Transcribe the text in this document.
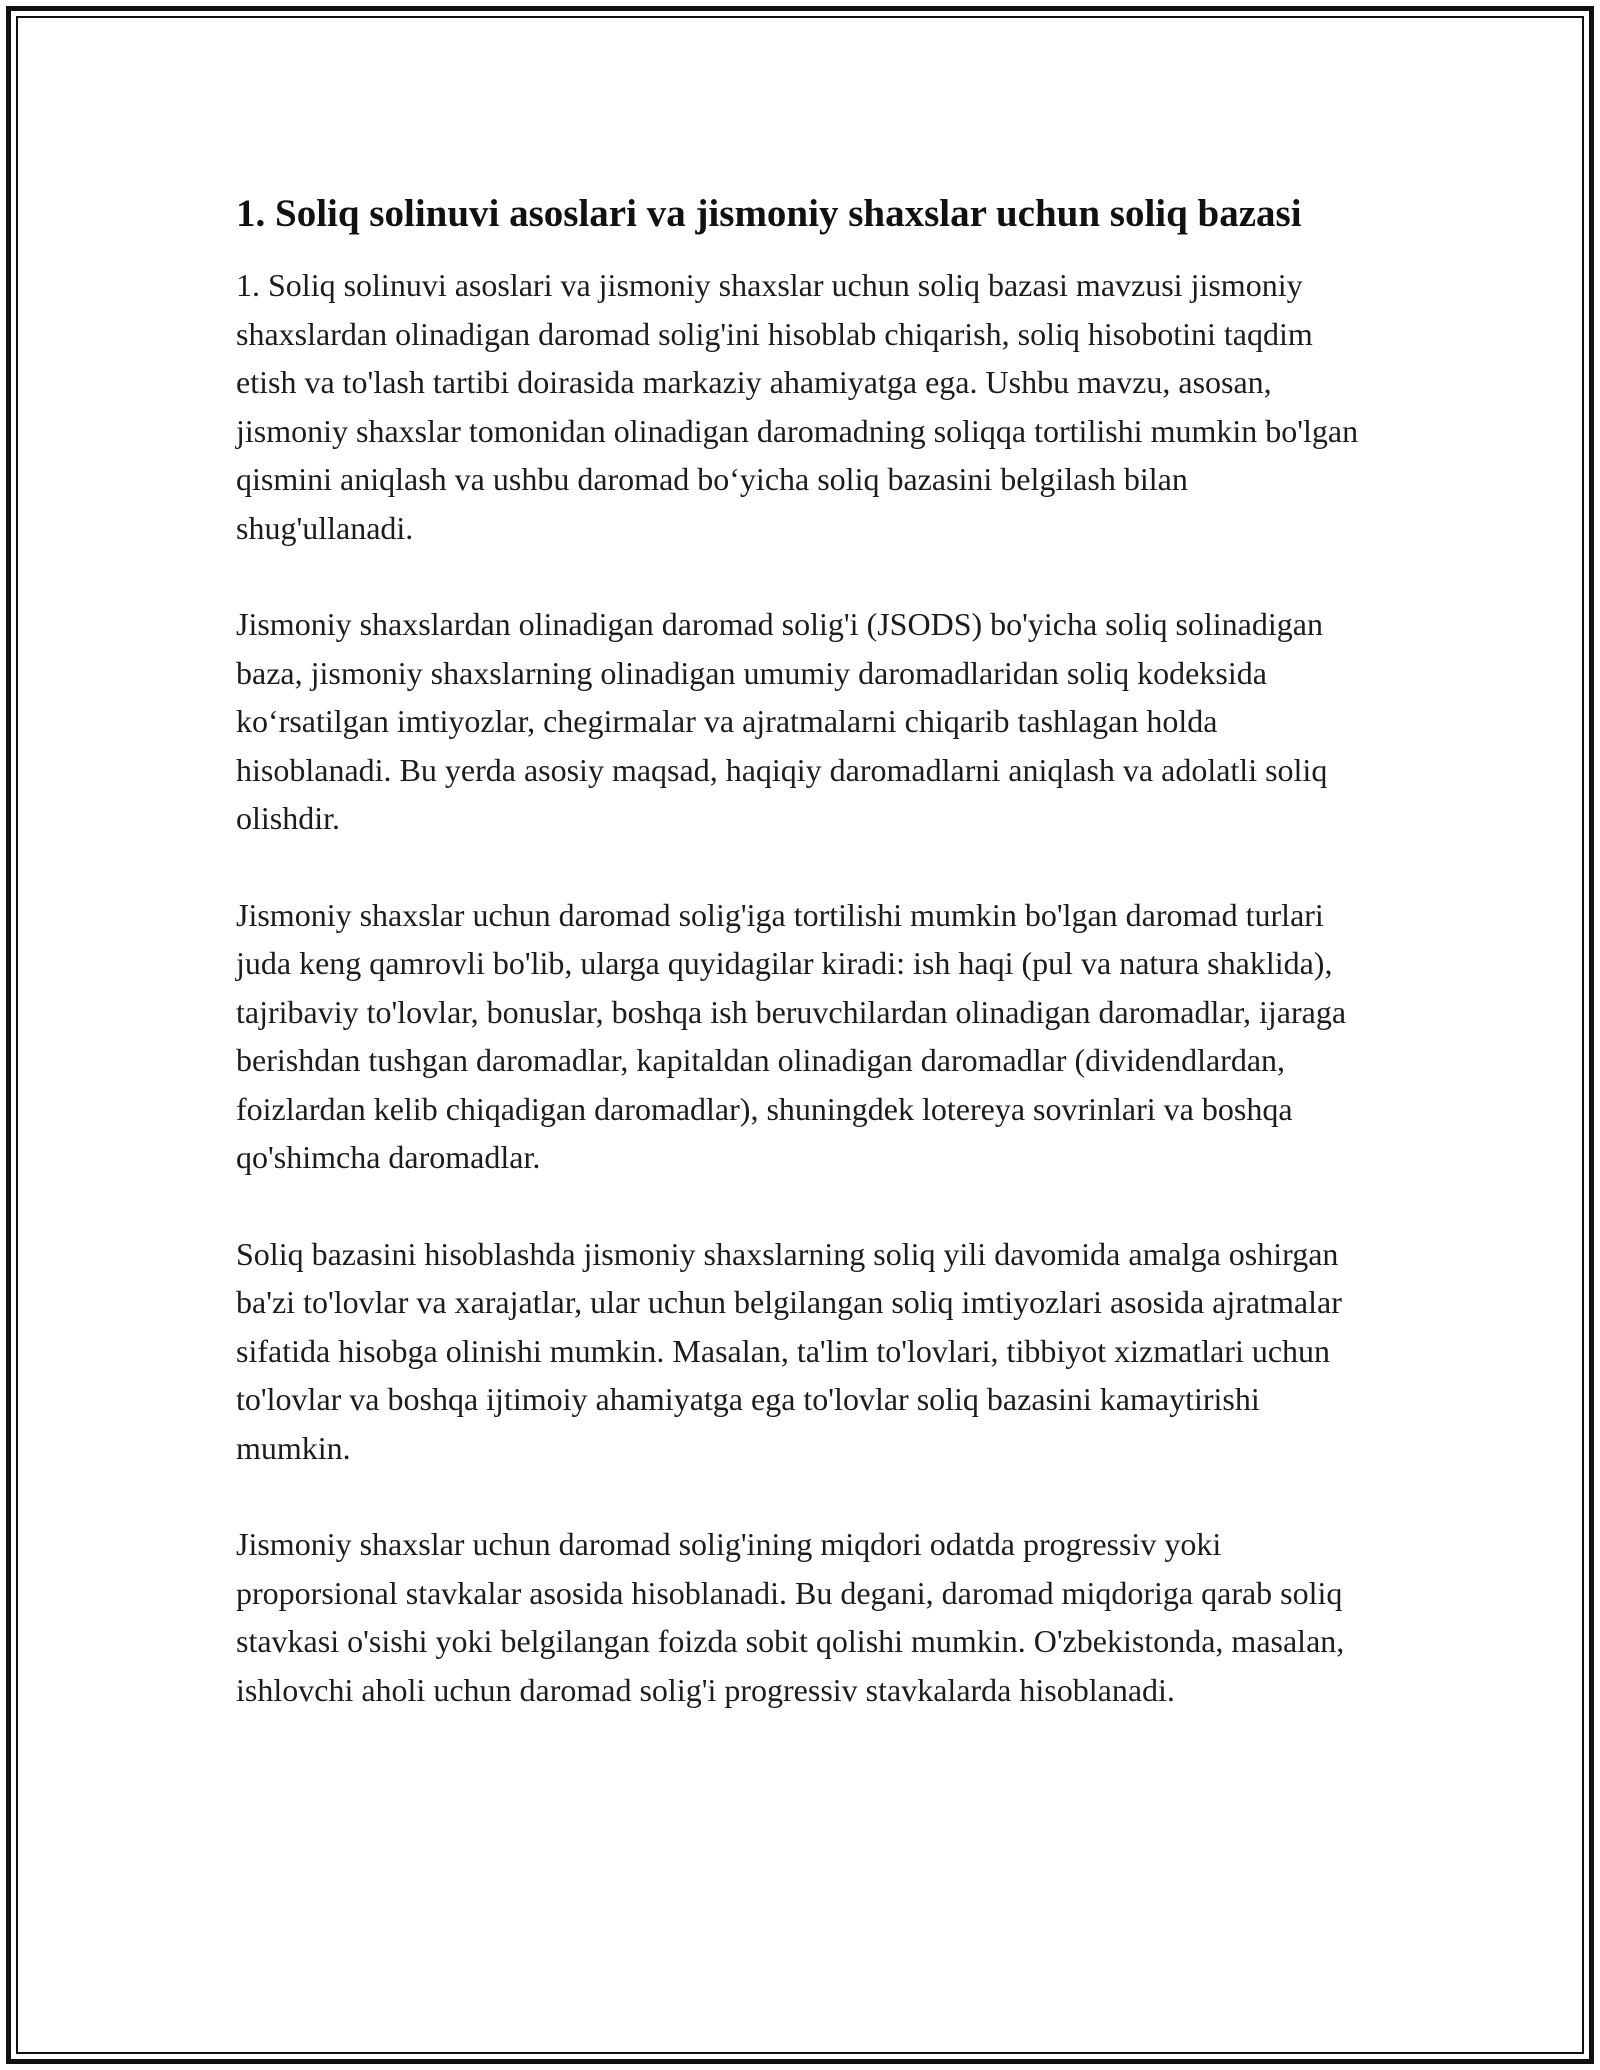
1. Soliq solinuvi asoslari va jismoniy shaxslar uchun soliq bazasi

1. Soliq solinuvi asoslari va jismoniy shaxslar uchun soliq bazasi mavzusi jismoniy shaxslardan olinadigan daromad solig'ini hisoblab chiqarish, soliq hisobotini taqdim etish va to'lash tartibi doirasida markaziy ahamiyatga ega. Ushbu mavzu, asosan, jismoniy shaxslar tomonidan olinadigan daromadning soliqqa tortilishi mumkin bo'lgan qismini aniqlash va ushbu daromad bo‘yicha soliq bazasini belgilash bilan shug'ullanadi.

Jismoniy shaxslardan olinadigan daromad solig'i (JSODS) bo'yicha soliq solinadigan baza, jismoniy shaxslarning olinadigan umumiy daromadlaridan soliq kodeksida ko‘rsatilgan imtiyozlar, chegirmalar va ajratmalarni chiqarib tashlagan holda hisoblanadi. Bu yerda asosiy maqsad, haqiqiy daromadlarni aniqlash va adolatli soliq olishdir.

Jismoniy shaxslar uchun daromad solig'iga tortilishi mumkin bo'lgan daromad turlari juda keng qamrovli bo'lib, ularga quyidagilar kiradi: ish haqi (pul va natura shaklida), tajribaviy to'lovlar, bonuslar, boshqa ish beruvchilardan olinadigan daromadlar, ijaraga berishdan tushgan daromadlar, kapitaldan olinadigan daromadlar (dividendlardan, foizlardan kelib chiqadigan daromadlar), shuningdek lotereya sovrinlari va boshqa qo'shimcha daromadlar.

Soliq bazasini hisoblashda jismoniy shaxslarning soliq yili davomida amalga oshirgan ba'zi to'lovlar va xarajatlar, ular uchun belgilangan soliq imtiyozlari asosida ajratmalar sifatida hisobga olinishi mumkin. Masalan, ta'lim to'lovlari, tibbiyot xizmatlari uchun to'lovlar va boshqa ijtimoiy ahamiyatga ega to'lovlar soliq bazasini kamaytirishi mumkin.

Jismoniy shaxslar uchun daromad solig'ining miqdori odatda progressiv yoki proporsional stavkalar asosida hisoblanadi. Bu degani, daromad miqdoriga qarab soliq stavkasi o'sishi yoki belgilangan foizda sobit qolishi mumkin. O'zbekistonda, masalan, ishlovchi aholi uchun daromad solig'i progressiv stavkalarda hisoblanadi.
